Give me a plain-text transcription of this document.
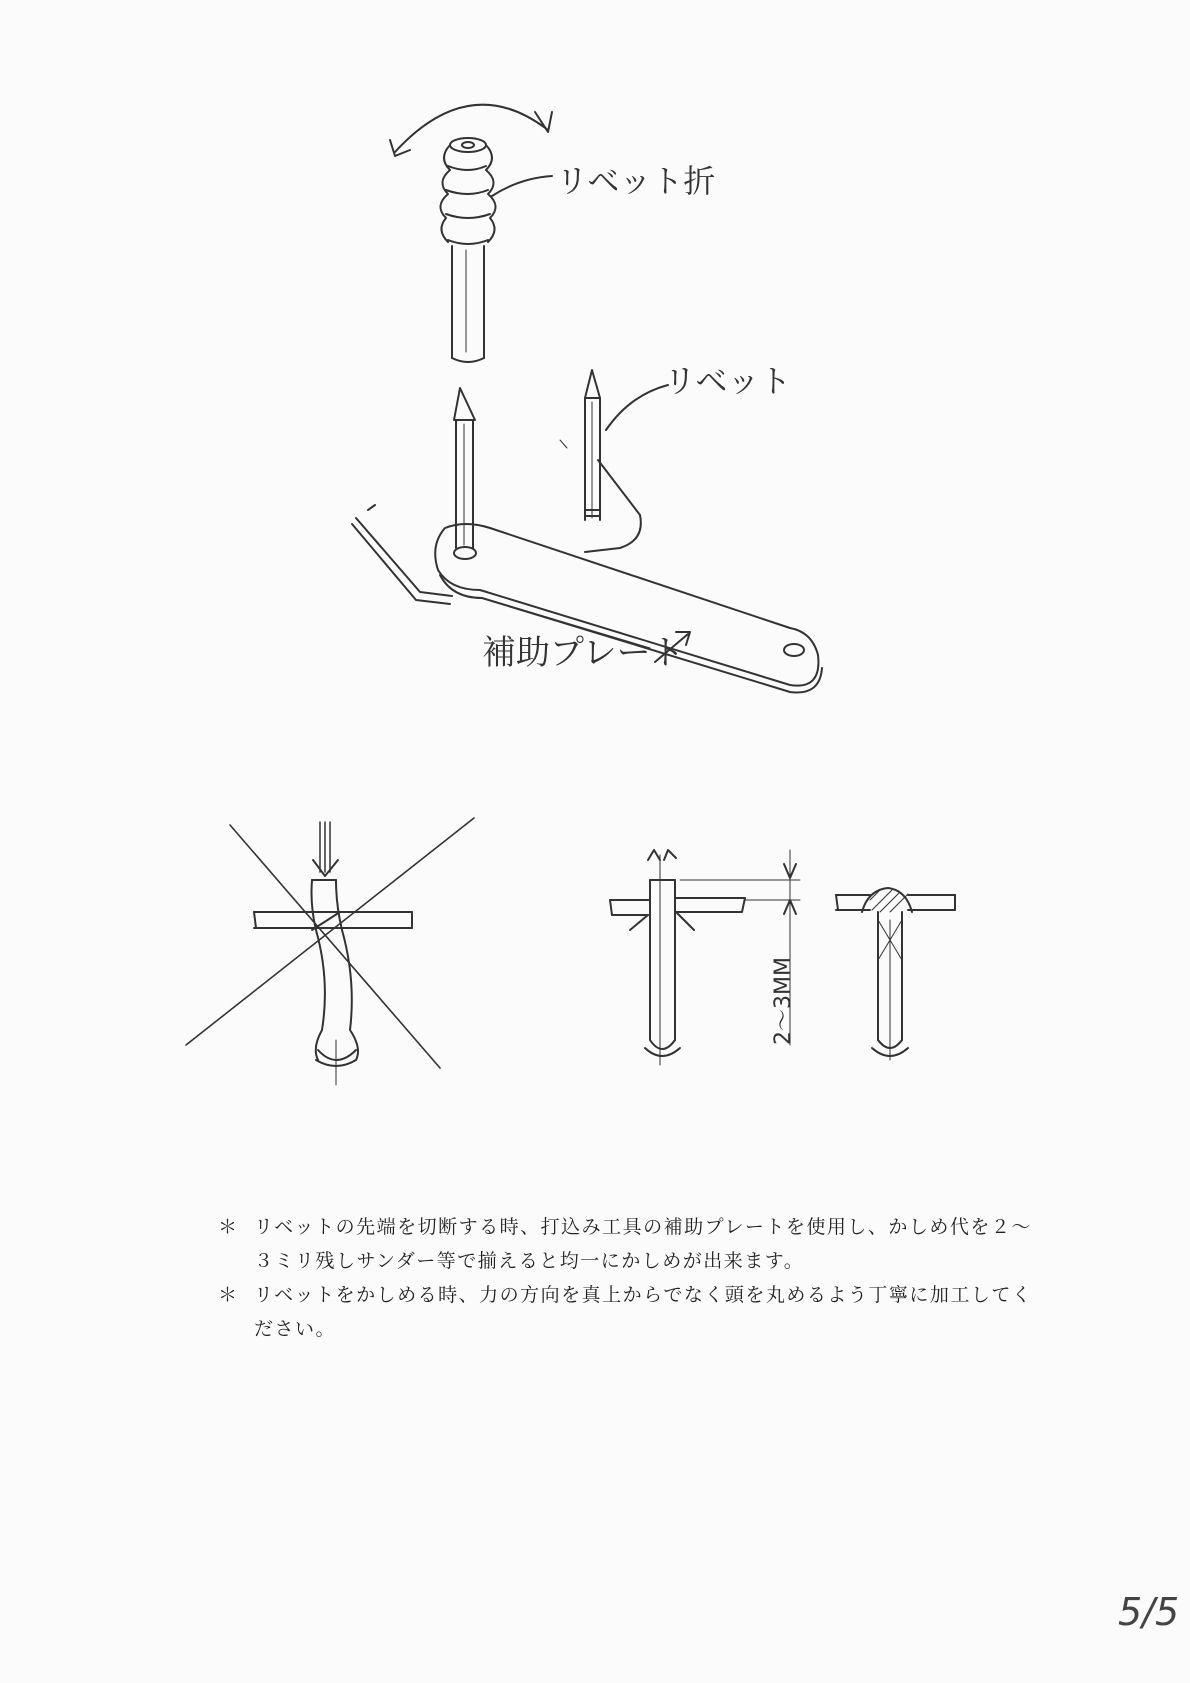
リベット折
リベット
補助プレート
2〜3MM

＊ リベットの先端を切断する時、打込み工具の補助プレートを使用し、かしめ代を２〜３ミリ残しサンダー等で揃えると均一にかしめが出来ます。

＊ リベットをかしめる時、力の方向を真上からでなく頭を丸めるよう丁寧に加工してください。

5/5
